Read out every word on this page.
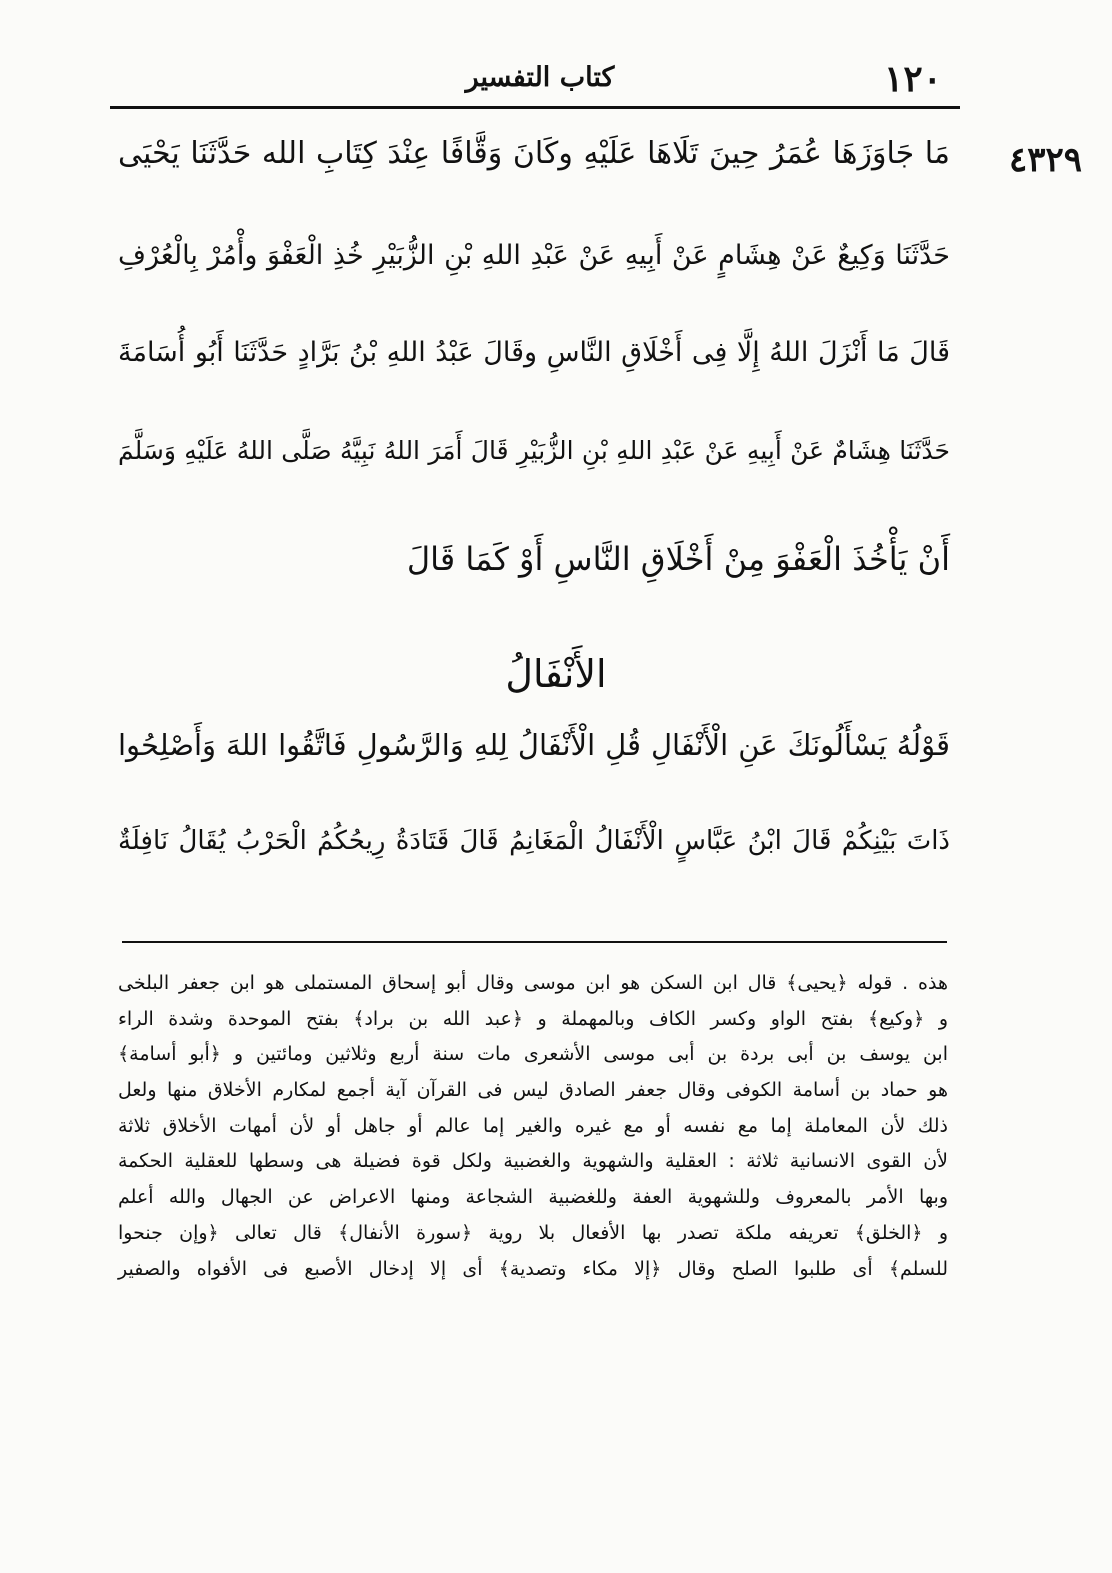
١٢٠
كتاب التفسير
٤٣٢٩
مَا جَاوَزَهَا عُمَرُ حِينَ تَلَاهَا عَلَيْهِ وكَانَ وَقَّافًا عِنْدَ كِتَابِ الله حَدَّثَنَا يَحْيَى
حَدَّثَنَا وَكِيعٌ عَنْ هِشَامٍ عَنْ أَبِيهِ عَنْ عَبْدِ اللهِ بْنِ الزُّبَيْرِ خُذِ الْعَفْوَ وأْمُرْ بِالْعُرْفِ
قَالَ مَا أَنْزَلَ اللهُ إِلَّا فِى أَخْلَاقِ النَّاسِ وقَالَ عَبْدُ اللهِ بْنُ بَرَّادٍ حَدَّثَنَا أَبُو أُسَامَةَ
حَدَّثَنَا هِشَامٌ عَنْ أَبِيهِ عَنْ عَبْدِ اللهِ بْنِ الزُّبَيْرِ قَالَ أَمَرَ اللهُ نَبِيَّهُ صَلَّى اللهُ عَلَيْهِ وَسَلَّمَ
أَنْ يَأْخُذَ الْعَفْوَ مِنْ أَخْلَاقِ النَّاسِ أَوْ كَمَا قَالَ
الأَنْفَالُ
قَوْلُهُ يَسْأَلُونَكَ عَنِ الْأَنْفَالِ قُلِ الْأَنْفَالُ لِلهِ وَالرَّسُولِ فَاتَّقُوا اللهَ وَأَصْلِحُوا
ذَاتَ بَيْنِكُمْ قَالَ ابْنُ عَبَّاسٍ الْأَنْفَالُ الْمَغَانِمُ قَالَ قَتَادَةُ رِيحُكُمُ الْحَرْبُ يُقَالُ نَافِلَةٌ
هذه . قوله ﴿يحيى﴾ قال ابن السكن هو ابن موسى وقال أبو إسحاق المستملى هو ابن جعفر البلخى
و ﴿وكيع﴾ بفتح الواو وكسر الكاف وبالمهملة و ﴿عبد الله بن براد﴾ بفتح الموحدة وشدة الراء
ابن يوسف بن أبى بردة بن أبى موسى الأشعرى مات سنة أربع وثلاثين ومائتين و ﴿أبو أسامة﴾
هو حماد بن أسامة الكوفى وقال جعفر الصادق ليس فى القرآن آية أجمع لمكارم الأخلاق منها ولعل
ذلك لأن المعاملة إما مع نفسه أو مع غيره والغير إما عالم أو جاهل أو لأن أمهات الأخلاق ثلاثة
لأن القوى الانسانية ثلاثة : العقلية والشهوية والغضبية ولكل قوة فضيلة هى وسطها للعقلية الحكمة
وبها الأمر بالمعروف وللشهوية العفة وللغضبية الشجاعة ومنها الاعراض عن الجهال والله أعلم
و ﴿الخلق﴾ تعريفه ملكة تصدر بها الأفعال بلا روية ﴿سورة الأنفال﴾ قال تعالى ﴿وإن جنحوا
للسلم﴾ أى طلبوا الصلح وقال ﴿إلا مكاء وتصدية﴾ أى إلا إدخال الأصبع فى الأفواه والصفير
